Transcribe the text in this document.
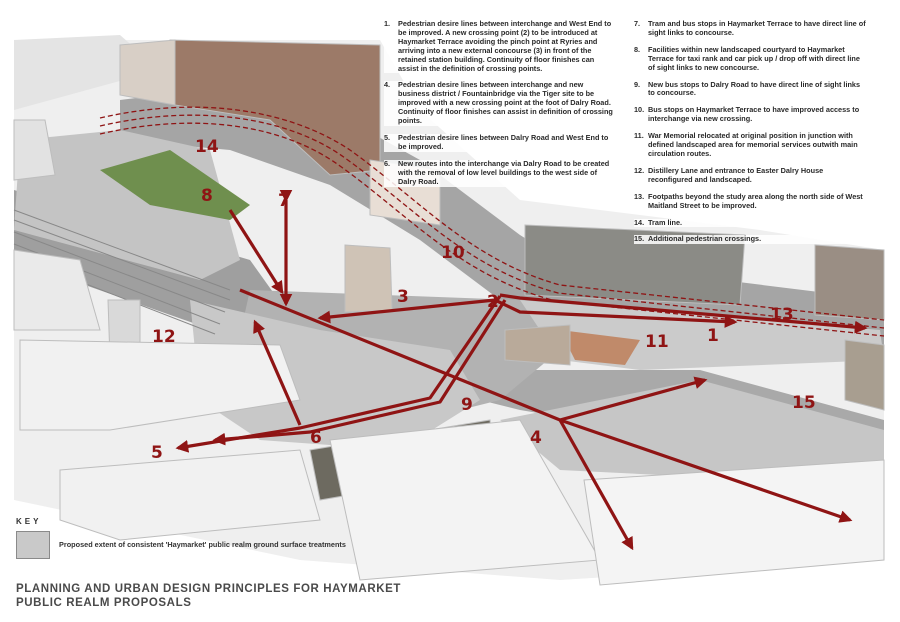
1
2
3
4
5
6
7
8
9
10
11
12
13
14
15
1. Pedestrian desire lines between interchange and West End to be improved. A new crossing point (2) to be introduced at Haymarket Terrace avoiding the pinch point at Ryries and arriving into a new external concourse (3) in front of the retained station building. Continuity of floor finishes can assist in the definition of crossing points.
4. Pedestrian desire lines between interchange and new business district / Fountainbridge via the Tiger site to be improved with a new crossing point at the foot of Dalry Road. Continuity of floor finishes can assist in definition of crossing points.
5. Pedestrian desire lines between Dalry Road and West End to be improved.
6. New routes into the interchange via Dalry Road to be created with the removal of low level buildings to the west side of Dalry Road.
7. Tram and bus stops in Haymarket Terrace to have direct line of sight links to concourse.
8. Facilities within new landscaped courtyard to Haymarket Terrace for taxi rank and car pick up / drop off with direct line of sight links to new concourse.
9. New bus stops to Dalry Road to have direct line of sight links to concourse.
10. Bus stops on Haymarket Terrace to have improved access to interchange via new crossing.
11. War Memorial relocated at original position in junction with defined landscaped area for memorial services outwith main circulation routes.
12. Distillery Lane and entrance to Easter Dalry House reconfigured and landscaped.
13. Footpaths beyond the study area along the north side of West Maitland Street to be improved.
14. Tram line.
15. Additional pedestrian crossings.
KEY
Proposed extent of consistent 'Haymarket' public realm ground surface treatments
PLANNING AND URBAN DESIGN PRINCIPLES FOR HAYMARKET
PUBLIC REALM PROPOSALS
